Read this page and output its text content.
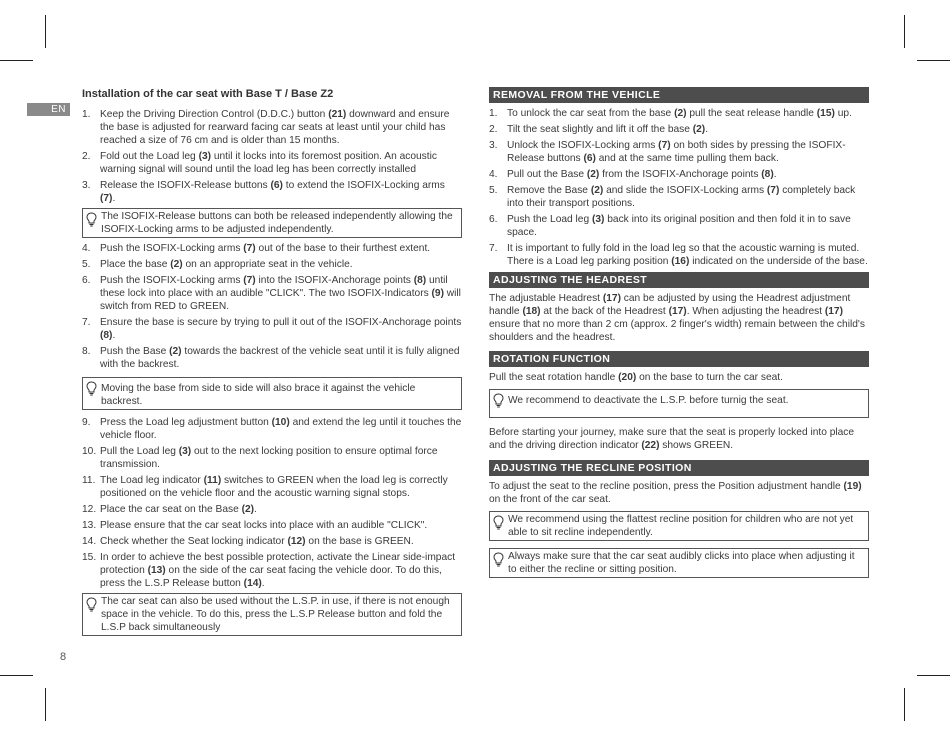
EN
8
Installation of the car seat with Base T / Base Z2
1. Keep the Driving Direction Control (D.D.C.) button (21) downward and ensure the base is adjusted for rearward facing car seats at least until your child has reached a size of 76 cm and is older than 15 months.
2. Fold out the Load leg (3) until it locks into its foremost position. An acoustic warning signal will sound until the load leg has been correctly installed
3. Release the ISOFIX-Release buttons (6) to extend the ISOFIX-Locking arms (7).
The ISOFIX-Release buttons can both be released independently allowing the ISOFIX-Locking arms to be adjusted independently.
4. Push the ISOFIX-Locking arms (7) out of the base to their furthest extent.
5. Place the base (2) on an appropriate seat in the vehicle.
6. Push the ISOFIX-Locking arms (7) into the ISOFIX-Anchorage points (8) until these lock into place with an audible "CLICK". The two ISOFIX-Indicators (9) will switch from RED to GREEN.
7. Ensure the base is secure by trying to pull it out of the ISOFIX-Anchorage points (8).
8. Push the Base (2) towards the backrest of the vehicle seat until it is fully aligned with the backrest.
Moving the base from side to side will also brace it against the vehicle backrest.
9. Press the Load leg adjustment button (10) and extend the leg until it touches the vehicle floor.
10. Pull the Load leg (3) out to the next locking position to ensure optimal force transmission.
11. The Load leg indicator (11) switches to GREEN when the load leg is correctly positioned on the vehicle floor and the acoustic warning signal stops.
12. Place the car seat on the Base (2).
13. Please ensure that the car seat locks into place with an audible "CLICK".
14. Check whether the Seat locking indicator (12) on the base is GREEN.
15. In order to achieve the best possible protection, activate the Linear side-impact protection (13) on the side of the car seat facing the vehicle door. To do this, press the L.S.P Release button (14).
The car seat can also be used without the L.S.P. in use, if there is not enough space in the vehicle. To do this, press the L.S.P Release button and fold the L.S.P back simultaneously
REMOVAL FROM THE VEHICLE
1. To unlock the car seat from the base (2) pull the seat release handle (15) up.
2. Tilt the seat slightly and lift it off the base (2).
3. Unlock the ISOFIX-Locking arms (7) on both sides by pressing the ISOFIX-Release buttons (6) and at the same time pulling them back.
4. Pull out the Base (2) from the ISOFIX-Anchorage points (8).
5. Remove the Base (2) and slide the ISOFIX-Locking arms (7) completely back into their transport positions.
6. Push the Load leg (3) back into its original position and then fold it in to save space.
7. It is important to fully fold in the load leg so that the acoustic warning is muted. There is a Load leg parking position (16) indicated on the underside of the base.
ADJUSTING THE HEADREST

The adjustable Headrest (17) can be adjusted by using the Headrest adjustment handle (18) at the back of the Headrest (17). When adjusting the headrest (17) ensure that no more than 2 cm (approx. 2 finger's width) remain between the child's shoulders and the headrest.

ROTATION FUNCTION

Pull the seat rotation handle (20) on the base to turn the car seat.

We recommend to deactivate the L.S.P. before turnig the seat.

Before starting your journey, make sure that the seat is properly locked into place and the driving direction indicator (22) shows GREEN.

ADJUSTING THE RECLINE POSITION

To adjust the seat to the recline position, press the Position adjustment handle (19) on the front of the car seat.

We recommend using the flattest recline position for children who are not yet able to sit recline independently.
Always make sure that the car seat audibly clicks into place when adjusting it to either the recline or sitting position.
